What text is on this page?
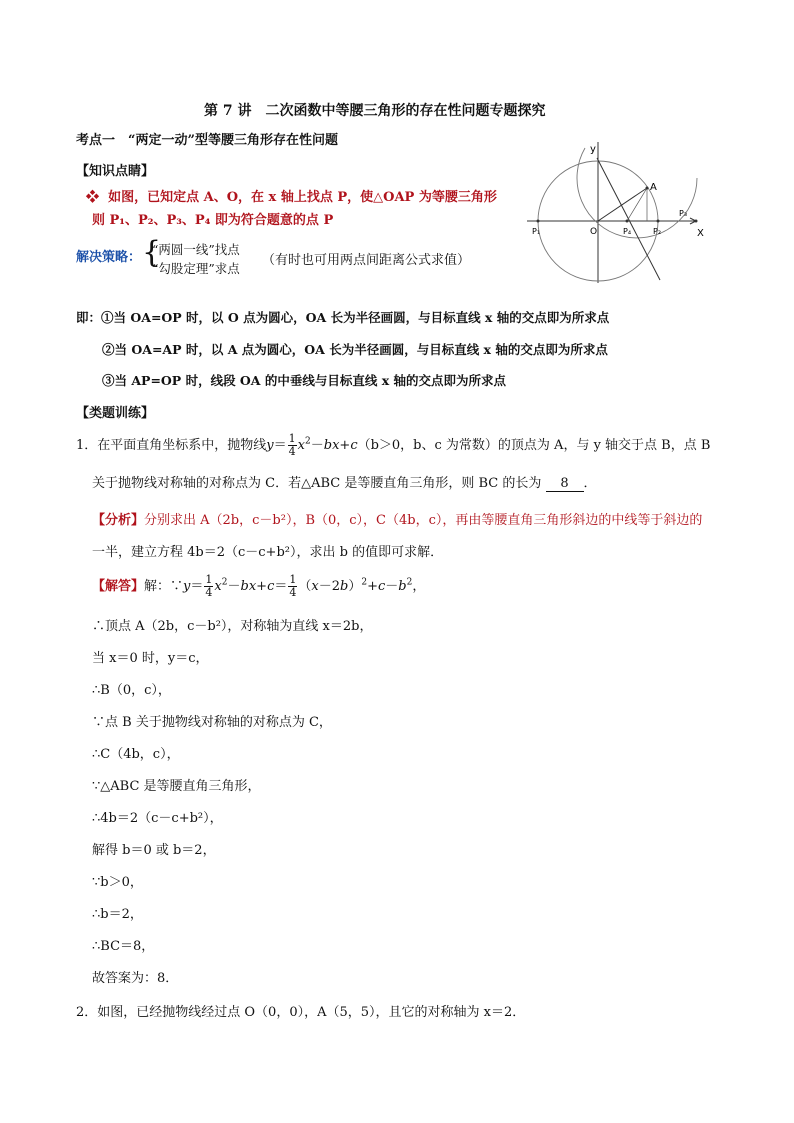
第 7 讲　二次函数中等腰三角形的存在性问题专题探究
考点一　“两定一动”型等腰三角形存在性问题
【知识点睛】
❖ 如图，已知定点 A、O，在 x 轴上找点 P，使△OAP 为等腰三角形
则 P₁、P₂、P₃、P₄ 即为符合题意的点 P
解决策略： {
“两圆一线”找点
“勾股定理”求点
（有时也可用两点间距离公式求值）
y
X
A
O
P₁	P₂
P₃
P₄
即：①当 OA=OP 时，以 O 点为圆心，OA 长为半径画圆，与目标直线 x 轴的交点即为所求点
②当 OA=AP 时，以 A 点为圆心，OA 长为半径画圆，与目标直线 x 轴的交点即为所求点
③当 AP=OP 时，线段 OA 的中垂线与目标直线 x 轴的交点即为所求点
【类题训练】
1．在平面直角坐标系中，抛物线$y= \frac{1}{4} x^2-bx+c(b>0$，b、c 为常数）的顶点为 A，与 y 轴交于点 B，点 B
关于抛物线对称轴的对称点为 C．若△ABC 是等腰直角三角形，则 BC 的长为 8 ．
【分析】分别求出 A（2b，c－b²），B（0，c），C（4b，c），再由等腰直角三角形斜边的中线等于斜边的
一半，建立方程 4b＝2（c－c+b²），求出 b 的值即可求解．
【解答】解：∵y＝ $\frac{1}{4} x^2-bx+c= \frac{1}{4} (x-2b)^2+c-b^2$，
∴顶点 A（2b，c－b²），对称轴为直线 x＝2b，
当 x＝0 时，y＝c，
∴B（0，c），
∵点 B 关于抛物线对称轴的对称点为 C，
∴C（4b，c），
∵△ABC 是等腰直角三角形，
∴4b＝2（c－c+b²），
解得 b＝0 或 b＝2，
∵b＞0，
∴b＝2，
∴BC＝8，
故答案为：8．
2．如图，已经抛物线经过点 O（0，0），A（5，5），且它的对称轴为 x＝2．
